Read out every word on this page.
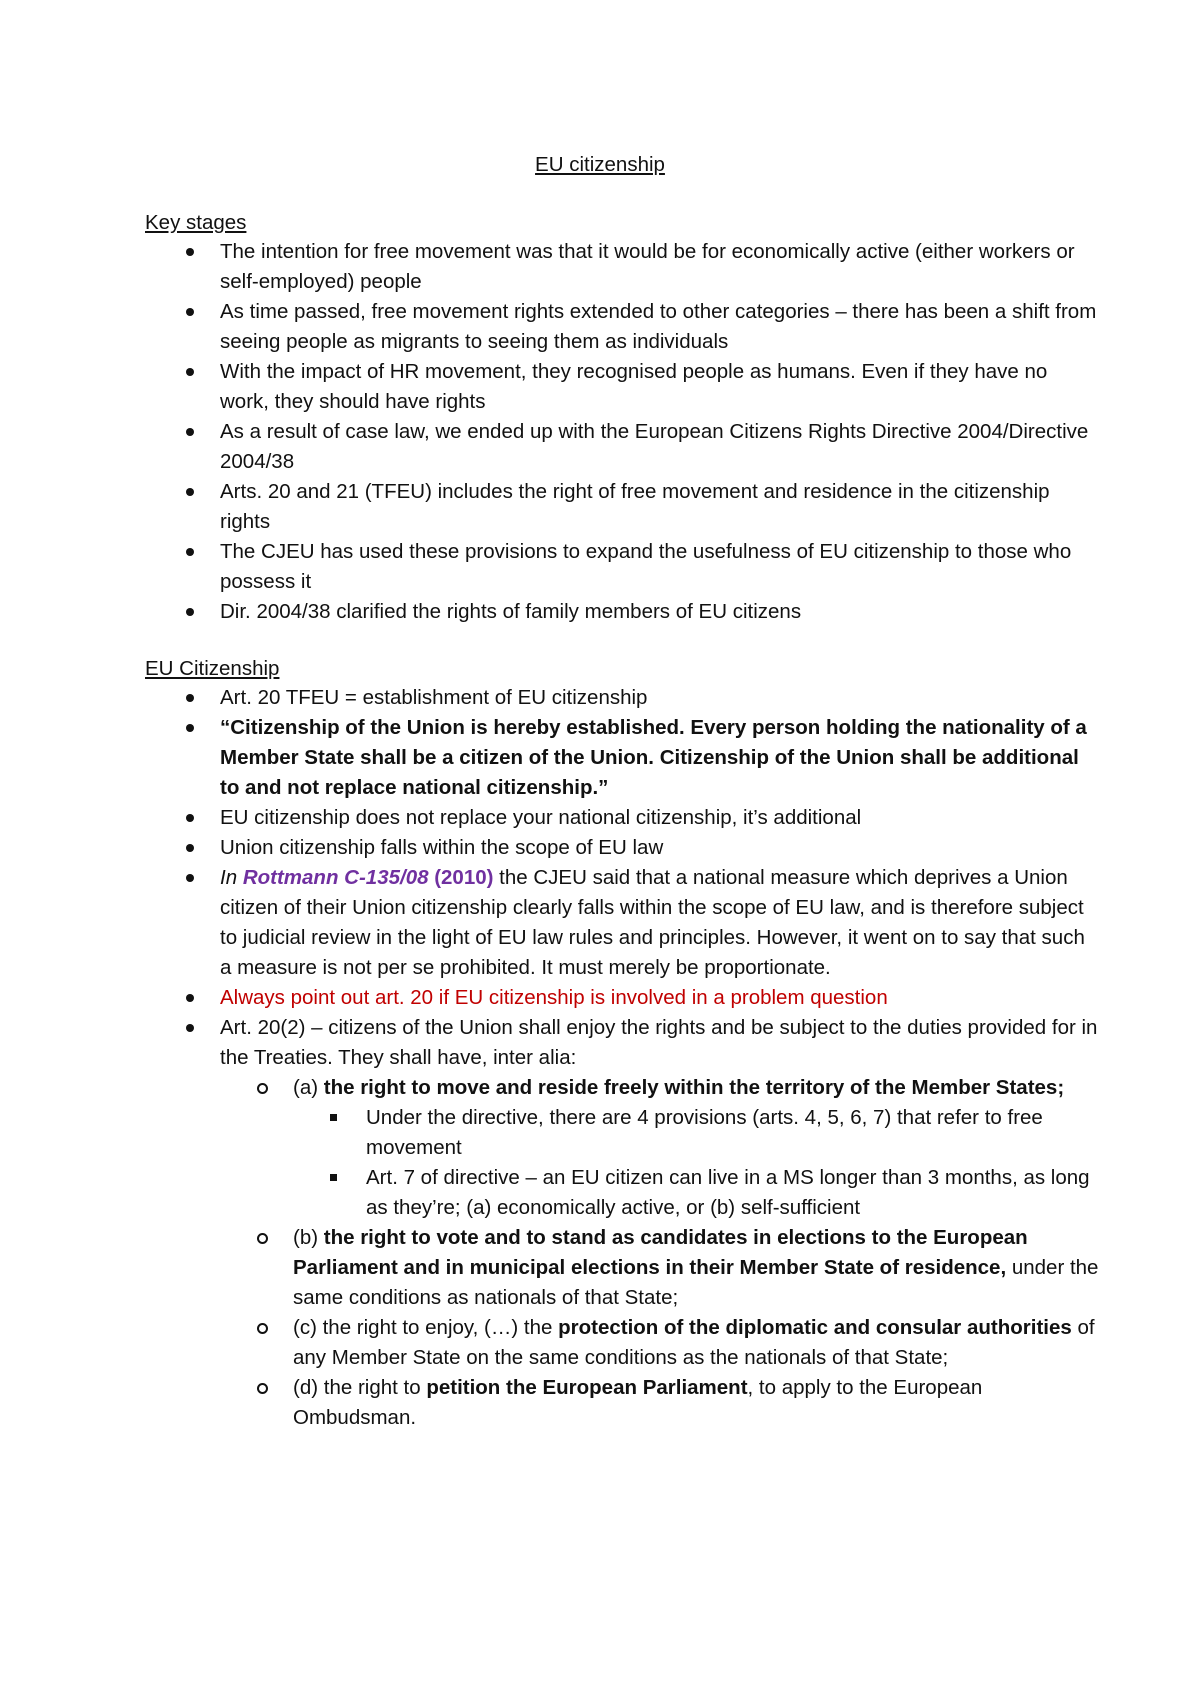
EU citizenship
Key stages
The intention for free movement was that it would be for economically active (either workers or self-employed) people
As time passed, free movement rights extended to other categories – there has been a shift from seeing people as migrants to seeing them as individuals
With the impact of HR movement, they recognised people as humans. Even if they have no work, they should have rights
As a result of case law, we ended up with the European Citizens Rights Directive 2004/Directive 2004/38
Arts. 20 and 21 (TFEU) includes the right of free movement and residence in the citizenship rights
The CJEU has used these provisions to expand the usefulness of EU citizenship to those who possess it
Dir. 2004/38 clarified the rights of family members of EU citizens
EU Citizenship
Art. 20 TFEU = establishment of EU citizenship
“Citizenship of the Union is hereby established. Every person holding the nationality of a Member State shall be a citizen of the Union. Citizenship of the Union shall be additional to and not replace national citizenship.”
EU citizenship does not replace your national citizenship, it’s additional
Union citizenship falls within the scope of EU law
In Rottmann C-135/08 (2010) the CJEU said that a national measure which deprives a Union citizen of their Union citizenship clearly falls within the scope of EU law, and is therefore subject to judicial review in the light of EU law rules and principles. However, it went on to say that such a measure is not per se prohibited. It must merely be proportionate.
Always point out art. 20 if EU citizenship is involved in a problem question
Art. 20(2) – citizens of the Union shall enjoy the rights and be subject to the duties provided for in the Treaties. They shall have, inter alia:
(a) the right to move and reside freely within the territory of the Member States;
Under the directive, there are 4 provisions (arts. 4, 5, 6, 7) that refer to free movement
Art. 7 of directive – an EU citizen can live in a MS longer than 3 months, as long as they’re; (a) economically active, or (b) self-sufficient
(b) the right to vote and to stand as candidates in elections to the European Parliament and in municipal elections in their Member State of residence, under the same conditions as nationals of that State;
(c) the right to enjoy, (…) the protection of the diplomatic and consular authorities of any Member State on the same conditions as the nationals of that State;
(d) the right to petition the European Parliament, to apply to the European Ombudsman.
